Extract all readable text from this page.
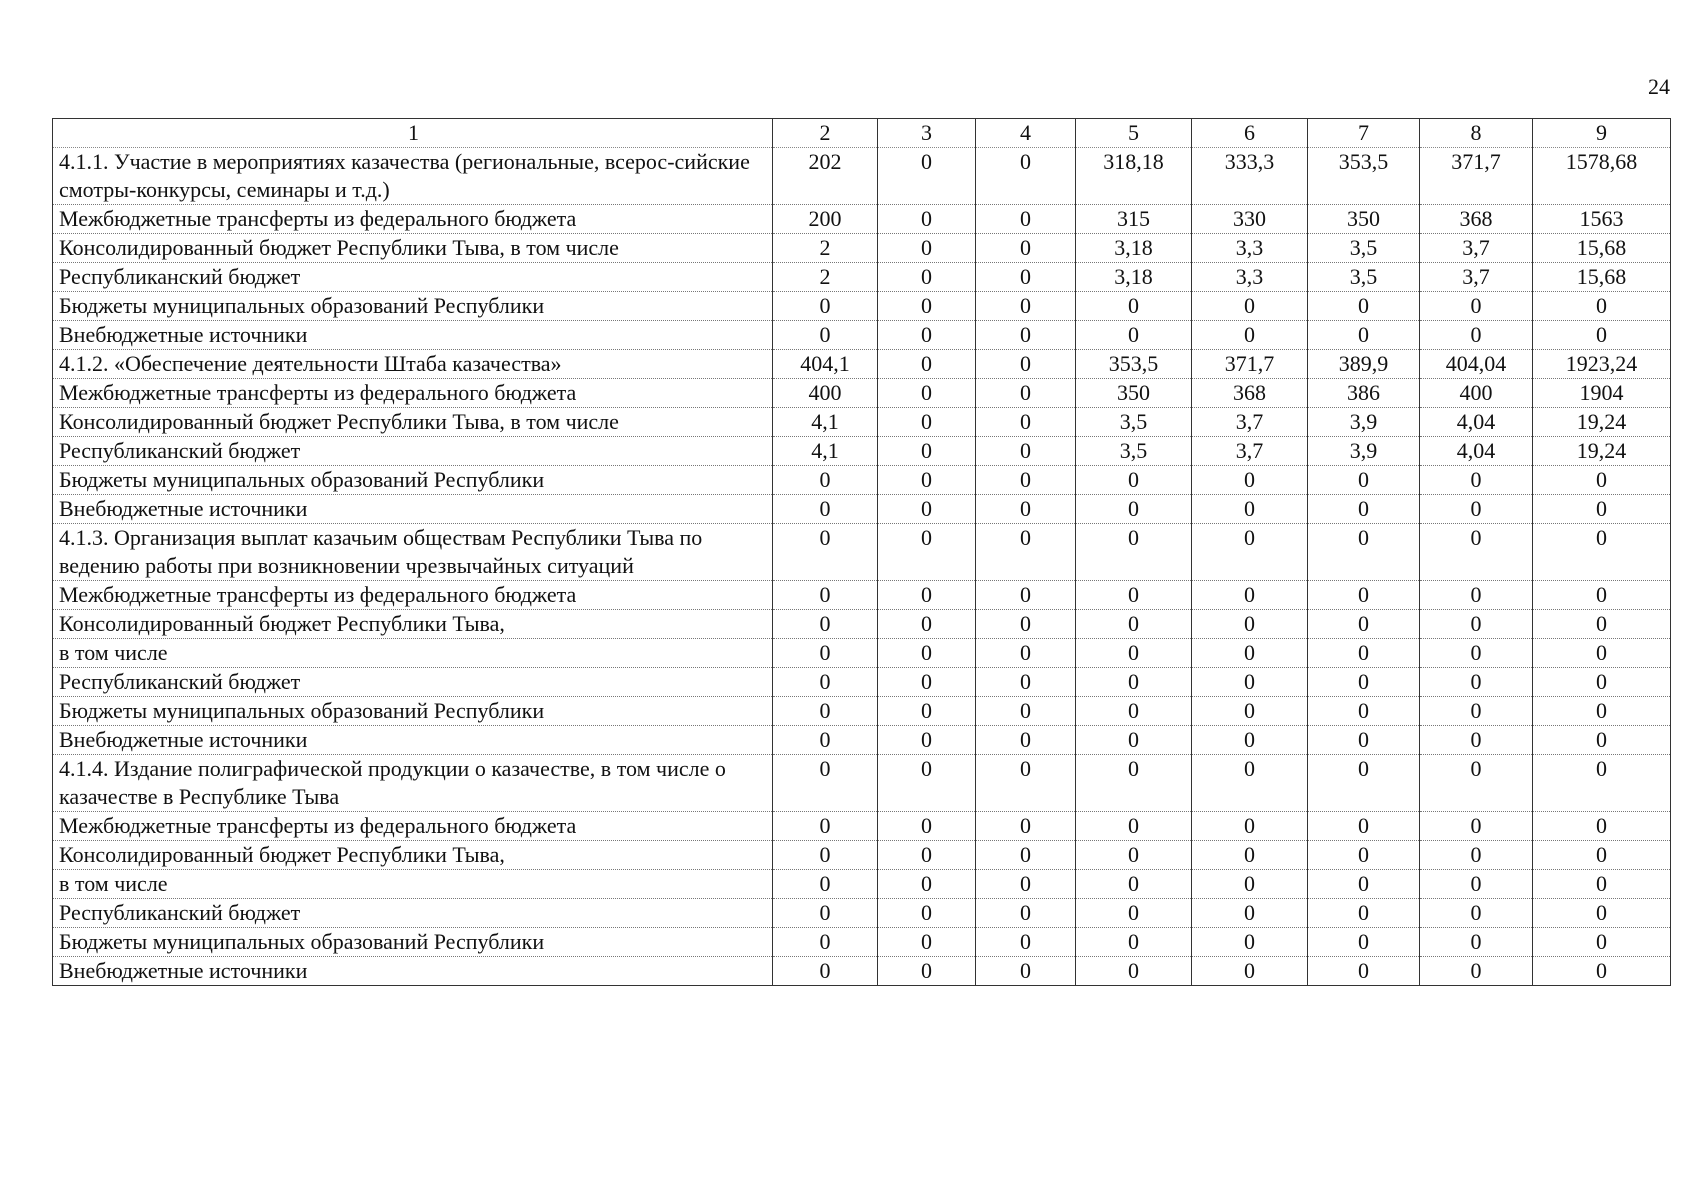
24
1	2	3	4	5	6	7	8	9
4.1.1. Участие в мероприятиях казачества (региональные, всерос-сийские смотры-конкурсы, семинары и т.д.)	202	0	0	318,18	333,3	353,5	371,7	1578,68
Межбюджетные трансферты из федерального бюджета	200	0	0	315	330	350	368	1563
Консолидированный бюджет Республики Тыва, в том числе	2	0	0	3,18	3,3	3,5	3,7	15,68
Республиканский бюджет	2	0	0	3,18	3,3	3,5	3,7	15,68
Бюджеты муниципальных образований Республики	0	0	0	0	0	0	0	0
Внебюджетные источники	0	0	0	0	0	0	0	0
4.1.2. «Обеспечение деятельности Штаба казачества»	404,1	0	0	353,5	371,7	389,9	404,04	1923,24
Межбюджетные трансферты из федерального бюджета	400	0	0	350	368	386	400	1904
Консолидированный бюджет Республики Тыва, в том числе	4,1	0	0	3,5	3,7	3,9	4,04	19,24
Республиканский бюджет	4,1	0	0	3,5	3,7	3,9	4,04	19,24
Бюджеты муниципальных образований Республики	0	0	0	0	0	0	0	0
Внебюджетные источники	0	0	0	0	0	0	0	0
4.1.3. Организация выплат казачьим обществам Республики Тыва по ведению работы при возникновении чрезвычайных ситуаций	0	0	0	0	0	0	0	0
Межбюджетные трансферты из федерального бюджета	0	0	0	0	0	0	0	0
Консолидированный бюджет Республики Тыва,	0	0	0	0	0	0	0	0
в том числе	0	0	0	0	0	0	0	0
Республиканский бюджет	0	0	0	0	0	0	0	0
Бюджеты муниципальных образований Республики	0	0	0	0	0	0	0	0
Внебюджетные источники	0	0	0	0	0	0	0	0
4.1.4. Издание полиграфической продукции о казачестве, в том числе о казачестве в Республике Тыва	0	0	0	0	0	0	0	0
Межбюджетные трансферты из федерального бюджета	0	0	0	0	0	0	0	0
Консолидированный бюджет Республики Тыва,	0	0	0	0	0	0	0	0
в том числе	0	0	0	0	0	0	0	0
Республиканский бюджет	0	0	0	0	0	0	0	0
Бюджеты муниципальных образований Республики	0	0	0	0	0	0	0	0
Внебюджетные источники	0	0	0	0	0	0	0	0
